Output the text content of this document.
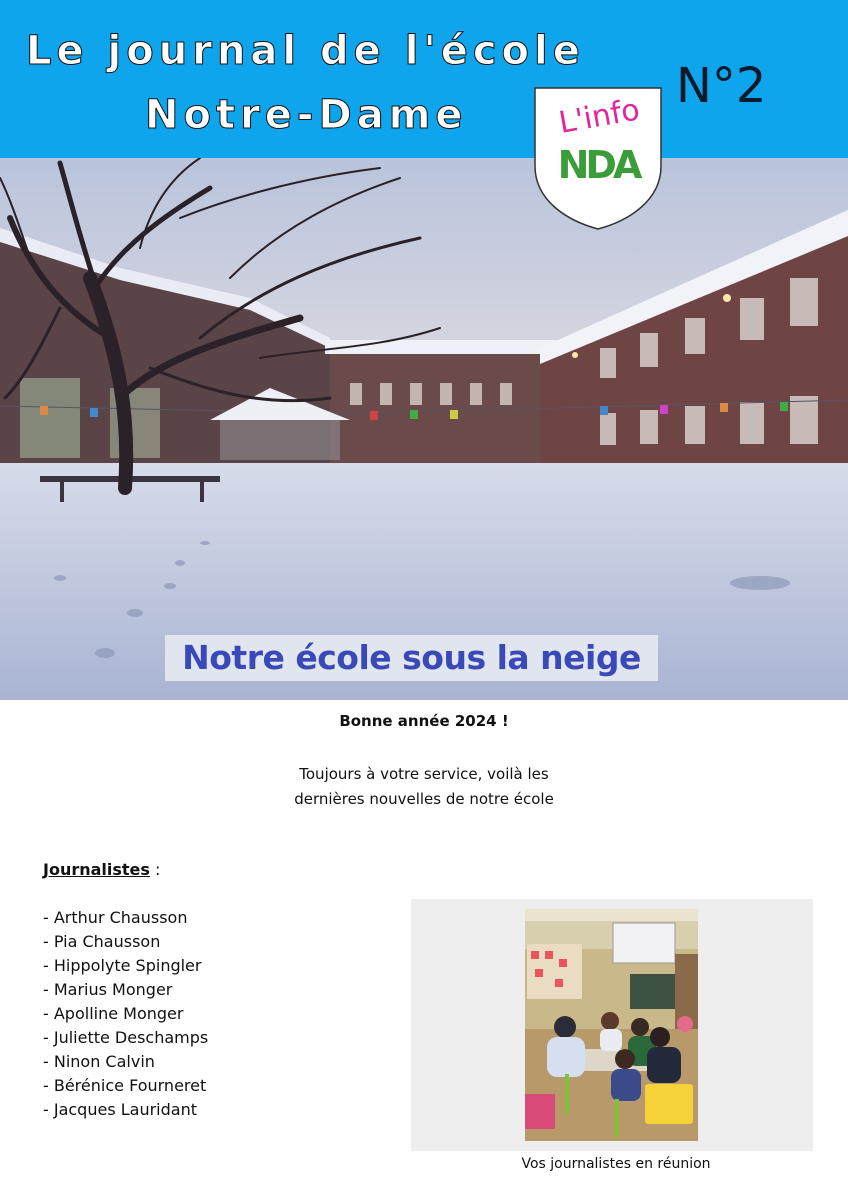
Le journal de l'école
Notre-Dame
N°2
L'info
NDA
Notre école sous la neige
Bonne année 2024 !
Toujours à votre service, voilà les
dernières nouvelles de notre école
Journalistes :
- Arthur Chausson
- Pia Chausson
- Hippolyte Spingler
- Marius Monger
- Apolline Monger
- Juliette Deschamps
- Ninon Calvin
- Bérénice Fourneret
- Jacques Lauridant
Vos journalistes en réunion
